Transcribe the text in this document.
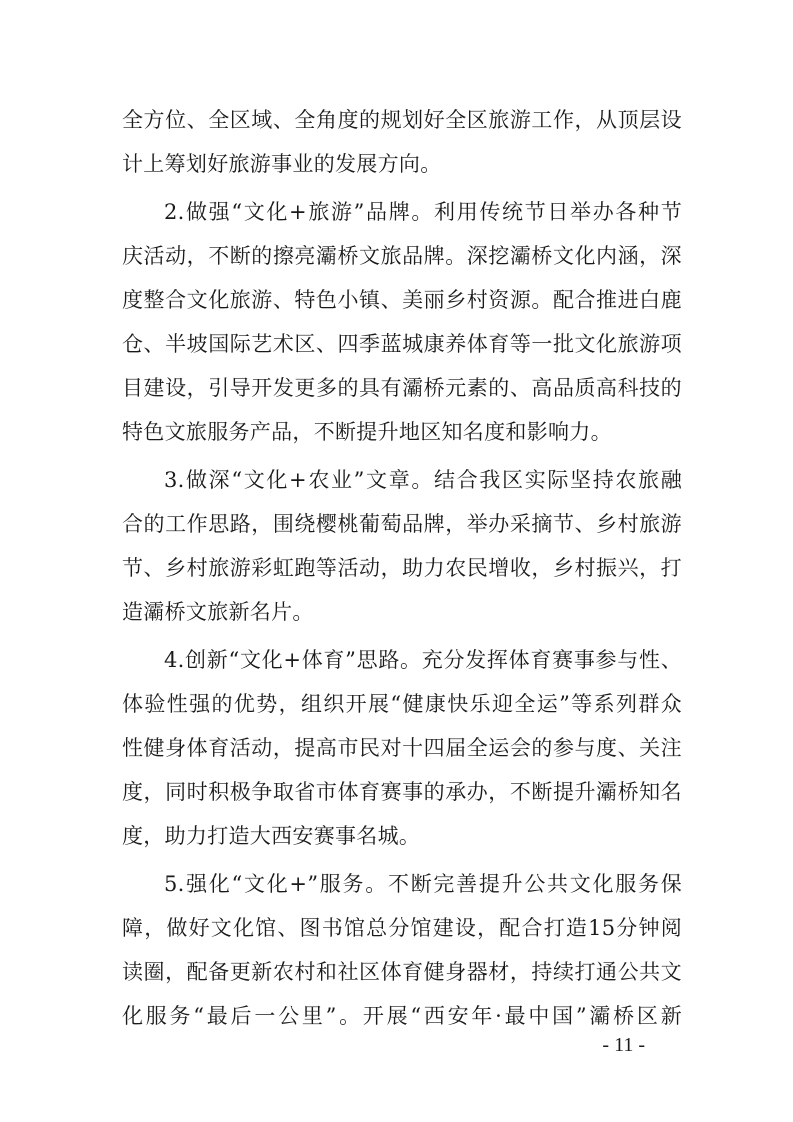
全方位、全区域、全角度的规划好全区旅游工作，从顶层设
计上筹划好旅游事业的发展方向。
2.做强“文化+旅游”品牌。利用传统节日举办各种节
庆活动，不断的擦亮灞桥文旅品牌。深挖灞桥文化内涵，深
度整合文化旅游、特色小镇、美丽乡村资源。配合推进白鹿
仓、半坡国际艺术区、四季蓝城康养体育等一批文化旅游项
目建设，引导开发更多的具有灞桥元素的、高品质高科技的
特色文旅服务产品，不断提升地区知名度和影响力。
3.做深“文化+农业”文章。结合我区实际坚持农旅融
合的工作思路，围绕樱桃葡萄品牌，举办采摘节、乡村旅游
节、乡村旅游彩虹跑等活动，助力农民增收，乡村振兴，打
造灞桥文旅新名片。
4.创新“文化+体育”思路。充分发挥体育赛事参与性、
体验性强的优势，组织开展“健康快乐迎全运”等系列群众
性健身体育活动，提高市民对十四届全运会的参与度、关注
度，同时积极争取省市体育赛事的承办，不断提升灞桥知名
度，助力打造大西安赛事名城。
5.强化“文化+”服务。不断完善提升公共文化服务保
障，做好文化馆、图书馆总分馆建设，配合打造15分钟阅
读圈，配备更新农村和社区体育健身器材，持续打通公共文
化服务“最后一公里”。开展“西安年·最中国”灞桥区新
- 11 -
